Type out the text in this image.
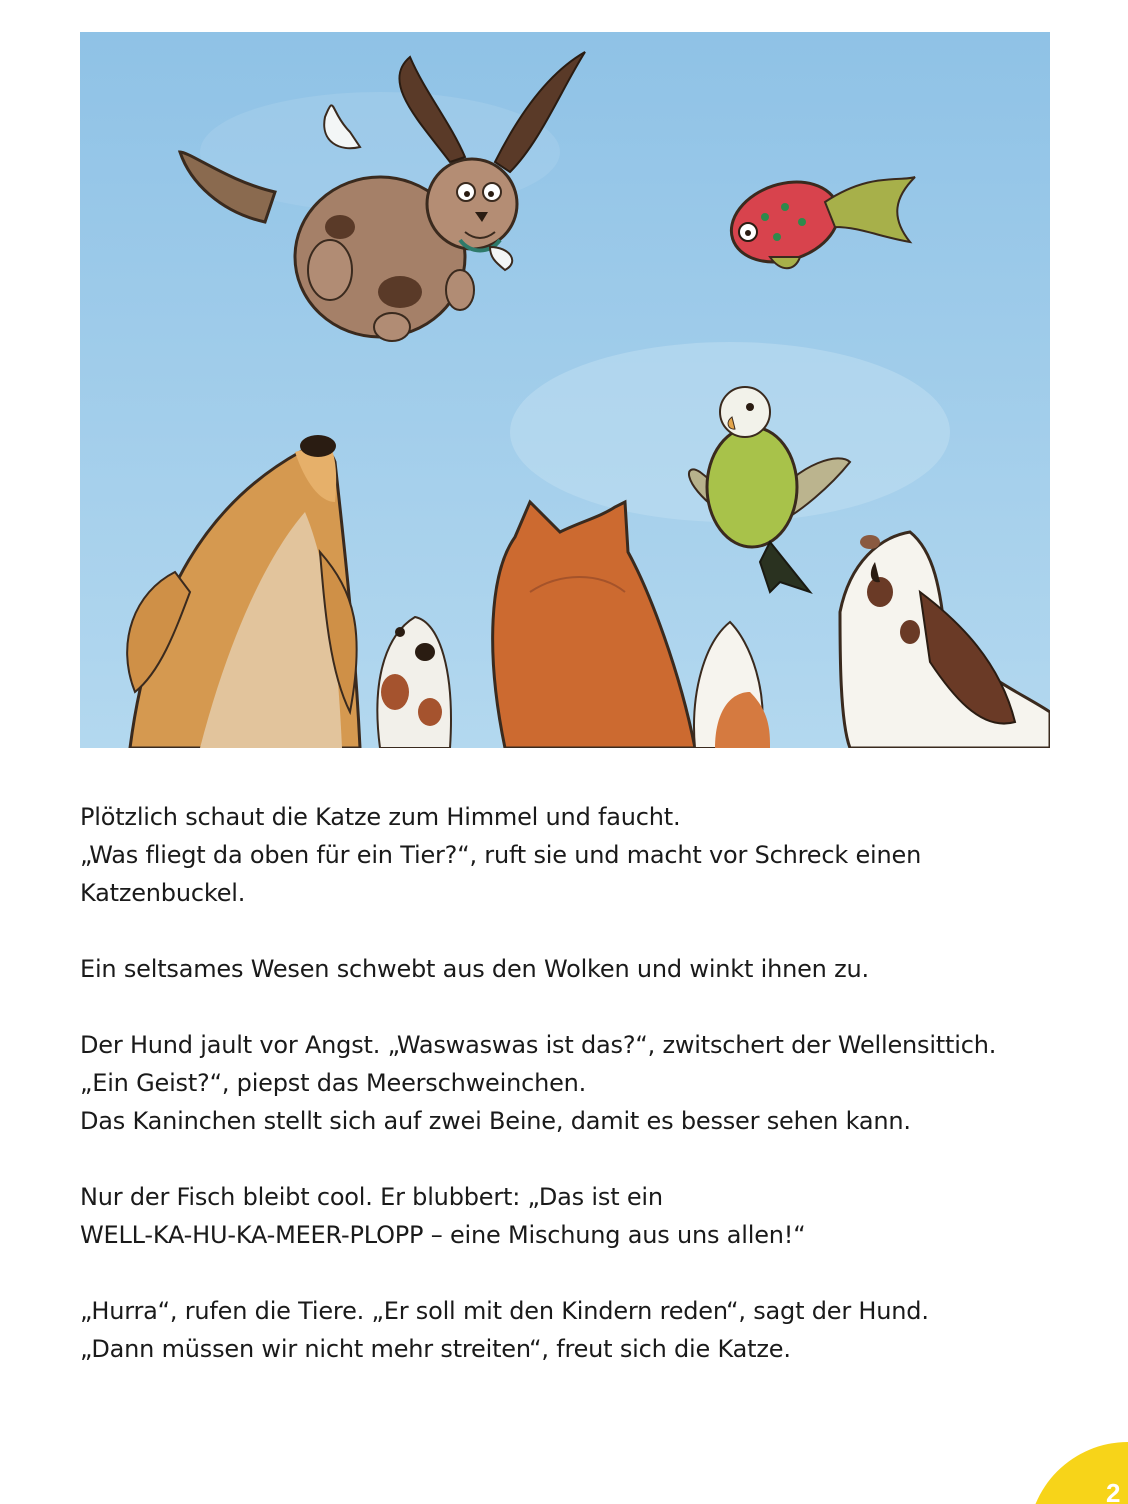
Plötzlich schaut die Katze zum Himmel und faucht.
„Was fliegt da oben für ein Tier?“, ruft sie und macht vor Schreck einen
Katzenbuckel.

Ein seltsames Wesen schwebt aus den Wolken und winkt ihnen zu.

Der Hund jault vor Angst. „Waswaswas ist das?“, zwitschert der Wellensittich.
„Ein Geist?“, piepst das Meerschweinchen.
Das Kaninchen stellt sich auf zwei Beine, damit es besser sehen kann.

Nur der Fisch bleibt cool. Er blubbert: „Das ist ein
WELL-KA-HU-KA-MEER-PLOPP – eine Mischung aus uns allen!“

„Hurra“, rufen die Tiere. „Er soll mit den Kindern reden“, sagt der Hund.
„Dann müssen wir nicht mehr streiten“, freut sich die Katze.

2
